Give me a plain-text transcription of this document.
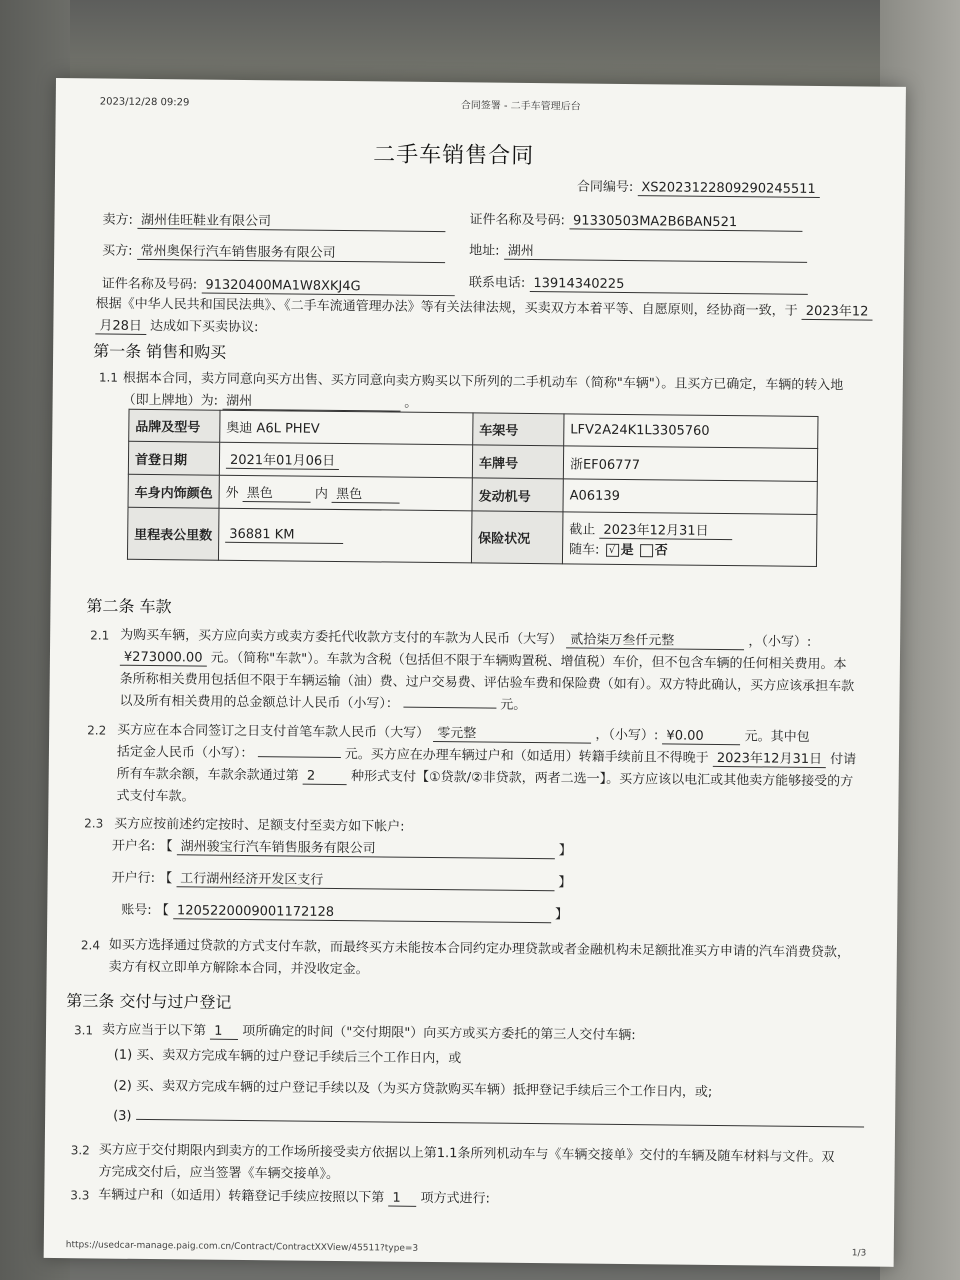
2023/12/28 09:29	合同签署 - 二手车管理后台
二手车销售合同
合同编号: XS2023122809290245511
卖方: 湖州佳旺鞋业有限公司	证件名称及号码: 91330503MA2B6BAN521
买方: 常州奥保行汽车销售服务有限公司	地址: 湖州
证件名称及号码: 91320400MA1W8XKJ4G	联系电话: 13914340225
根据《中华人民共和国民法典》、《二手车流通管理办法》等有关法律法规，买卖双方本着平等、自愿原则，经协商一致，于 2023年12
月28日 达成如下买卖协议:
第一条 销售和购买
1.1 根据本合同，卖方同意向买方出售、买方同意向卖方购买以下所列的二手机动车（简称"车辆"）。且买方已确定，车辆的转入地
（即上牌地）为: 湖州	。
品牌及型号	奥迪 A6L PHEV	车架号	LFV2A24K1L3305760
首登日期	2021年01月06日	车牌号	浙EF06777
车身内饰颜色	外 黑色 内 黑色	发动机号	A06139
里程表公里数	36881 KM	保险状况	截止 2023年12月31日
随车: √ 是 否
第二条 车款
2.1 为购买车辆，买方应向卖方或卖方委托代收款方支付的车款为人民币（大写） 贰拾柒万叁仟元整	，（小写）:
¥273000.00 元。（简称"车款"）。车款为含税（包括但不限于车辆购置税、增值税）车价，但不包含车辆的任何相关费用。本
条所称相关费用包括但不限于车辆运输（油）费、过户交易费、评估验车费和保险费（如有）。双方特此确认，买方应该承担车款
以及所有相关费用的总金额总计人民币（小写）：	元。
2.2 买方应在本合同签订之日支付首笔车款人民币（大写） 零元整	，（小写）: ¥0.00	元。其中包
括定金人民币（小写）：	元。买方应在办理车辆过户和（如适用）转籍手续前且不得晚于 2023年12月31日 付请
所有车款余额，车款余款通过第 2	种形式支付【①贷款/②非贷款，两者二选一】。买方应该以电汇或其他卖方能够接受的方
式支付车款。
2.3 买方应按前述约定按时、足额支付至卖方如下帐户:
开户名: 【 湖州骏宝行汽车销售服务有限公司	】
开户行: 【 工行湖州经济开发区支行	】
账号: 【 1205220009001172128	】
2.4 如买方选择通过贷款的方式支付车款，而最终买方未能按本合同约定办理贷款或者金融机构未足额批准买方申请的汽车消费贷款，
卖方有权立即单方解除本合同，并没收定金。
第三条 交付与过户登记
3.1 卖方应当于以下第 1 项所确定的时间（"交付期限"）向买方或买方委托的第三人交付车辆:
(1) 买、卖双方完成车辆的过户登记手续后三个工作日内，或
(2) 买、卖双方完成车辆的过户登记手续以及（为买方贷款购买车辆）抵押登记手续后三个工作日内，或;
(3)
3.2 买方应于交付期限内到卖方的工作场所接受卖方依据以上第1.1条所列机动车与《车辆交接单》交付的车辆及随车材料与文件。双
方完成交付后，应当签署《车辆交接单》。
3.3 车辆过户和（如适用）转籍登记手续应按照以下第 1 项方式进行:
https://usedcar-manage.paig.com.cn/Contract/ContractXXView/45511?type=3	1/3
